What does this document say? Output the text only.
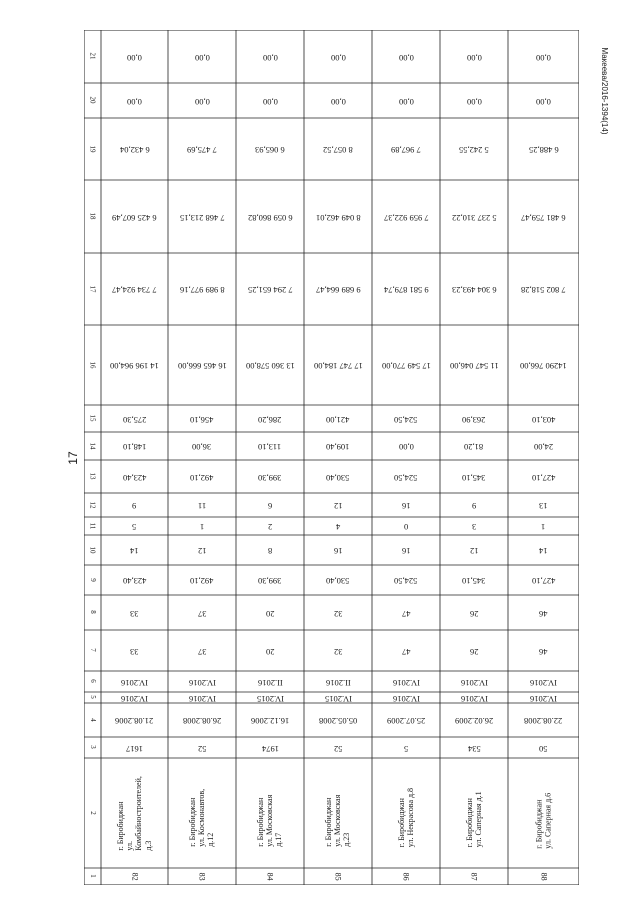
17
Макеева/2016-1394(14)
1
2
3
4
5
6
7
8
9
10
11
12
13
14
15
16
17
18
19
20
21
82
г. Биробиджан ул. Комбайностроителей, д.3
1617
21.08.2006
IV.2016
IV.2016
33
33
423,40
14
5
9
423,40
148,10
275,30
14 196 964,00
7 734 924,47
6 425 607,49
6 432,04
0,00
0,00
83
г. Биробиджан ул. Космонавтов, д.12
52
26.08.2008
IV.2016
IV.2016
37
37
492,10
12
1
11
492,10
36,00
456,10
16 465 666,00
8 989 977,16
7 468 213,15
7 475,69
0,00
0,00
84
г. Биробиджан ул. Московская д.17
1974
16.12.2006
IV.2015
II.2016
20
20
399,30
8
2
6
399,30
113,10
286,20
13 360 578,00
7 294 651,25
6 059 860,82
6 065,93
0,00
0,00
85
г. Биробиджан ул. Московская д.23
52
05.05.2008
IV.2015
II.2016
32
32
530,40
16
4
12
530,40
109,40
421,00
17 747 184,00
9 689 664,47
8 049 462,01
8 057,52
0,00
0,00
86
г. Биробиджан ул. Некрасова д.8
5
25.07.2009
IV.2016
IV.2016
47
47
524,50
16
0
16
524,50
0,00
524,50
17 549 770,00
9 581 879,74
7 959 922,37
7 967,89
0,00
0,00
87
г. Биробиджан ул. Саперная д.1
534
26.02.2009
IV.2016
IV.2016
26
26
345,10
12
3
9
345,10
81,20
263,90
11 547 046,00
6 304 493,23
5 237 310,22
5 242,55
0,00
0,00
88
г. Биробиджан ул. Саперная д.6
50
22.08.2008
IV.2016
IV.2016
46
46
427,10
14
1
13
427,10
24,00
403,10
14290 766,00
7 802 518,28
6 481 759,47
6 488,25
0,00
0,00
